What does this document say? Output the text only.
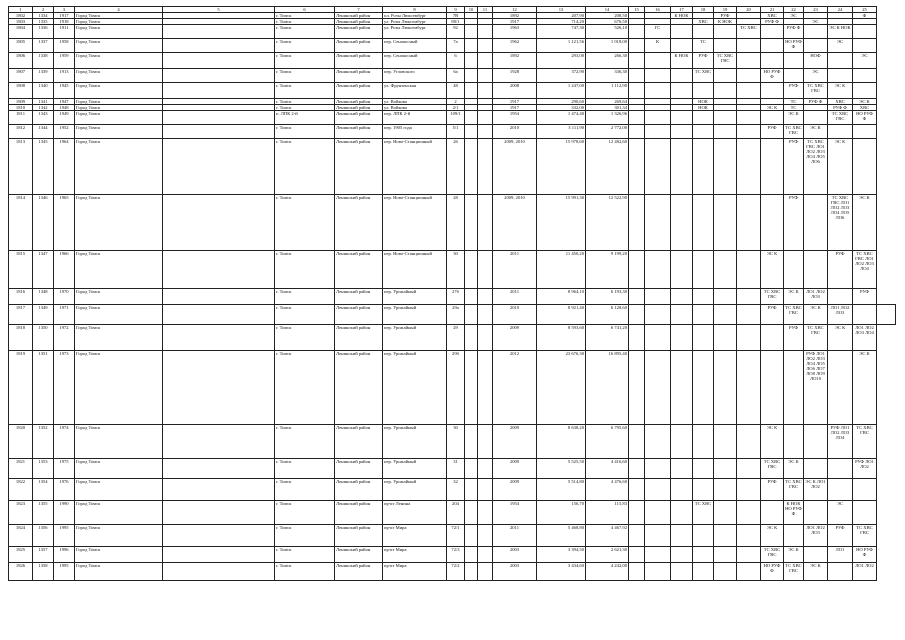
1	2	3	4	5	6	7	8	9	10	11	12	13	14	15	16	17	18	19	20	21	22	23	24	25	
1802	1334	1917	Город Томск		г. Томск	Ленинский район	пл. Розы Люксембург	7В			1892	207,90	208,50			К НОК		РУФ		ХВС	ЭС			Ф	
1803	1335	1918	Город Томск		г. Томск	Ленинский район	ул. Розы Люксембург	80/1			1917	714,20	676,50				ХВС	К НОК		РУФ Ф		ЭС			
1804	1336	1911	Город Томск		г. Томск	Ленинский район	ул. Розы Люксембург	92			1963	747,30	526,10		ГС				ТС ХВС		РУФ Ф		ЭС К НОК		
1805	1337	1958	Город Томск		г. Томск	Ленинский район	пер. Сенокосный	7а			1962	1 121,56	1 018,00		К		ТС				НО РУФ Ф		ЭС		
1806	1338	1959	Город Томск		г. Томск	Ленинский район	пер. Сенокосный	6			1892	293,00	266,30			К НОК	РУФ	ТС ХВС ГВС				НОФ		ЭС	
1807	1339	1913	Город Томск		г. Томск	Ленинский район	пер. Угловского	6а			1928	372,90	336,30				ТС ХВС			НО РУФ Ф		ЭС			
1808	1340	1945	Город Томск		г. Томск	Ленинский район	ул. Фрунзенская	48			2008	1 247,00	1 112,90								РУФ	ТС ХВС ГВС	ЭС К		
1809	1341	1947	Город Томск		г. Томск	Ленинский район	ул. Войкова	2			1917	290,60	269,64				НОК				ТС	РУФ Ф	ХВС	ЭС К	
1810	1342	1948	Город Томск		г. Томск	Ленинский район	ул. Войкова	2/1			1917	332,00	301,34				НОК			ЭС К	ТС		РУФ Ф	ХВС	
1811	1343	1949	Город Томск		п. ЛПК 2-й	Ленинский район	пер. ЛПК 2-й	109/1			1954	1 474,40	1 326,96								ЭС К		ТС ХВС ГВС	НО РУФ Ф	
1812	1344	1952	Город Томск		г. Томск	Ленинский район	пер. 1905 года	5/1			2010	3 111,90	2 772,00							РУФ	ТС ХВС ГВС	ЭС К			
1813	1345	1964	Город Томск		г. Томск	Ленинский район	пер. Ново-Станционный	26			2009, 2010	15 978,60	12 482,60								РУФ	ТС ХВС ГВС ЛО1 ЛО2 ЛО3 ЛО4 ЛО5 ЛО6	ЭС К		
1814	1346	1965	Город Томск		г. Томск	Ленинский район	пер. Ново-Станционный	28			2009, 2010	15 991,30	12 522,90								РУФ		ТС ХВС ГВС ЛО1 ЛО2 ЛО3 ЛО4 ЛО5 ЛО6	ЭС К	
1815	1347	1966	Город Томск		г. Томск	Ленинский район	пер. Ново-Станционный	30			2011	11 450,20	9 199,20							ЭС К			РУФ	ТС ХВС ГВС ЛО1 ЛО2 ЛО3 ЛО4	
1816	1348	1970	Город Томск		г. Томск	Ленинский район	пер. Урожайный	27б			2011	8 964,10	6 193,30							ТС ХВС ГВС	ЭС К	ЛО1 ЛО2 ЛО3		РУФ	
1817	1349	1971	Город Томск		г. Томск	Ленинский район	пер. Урожайный	29а			2010	8 921,40	6 128,60							РУФ	ТС ХВС ГВС	ЭС К	ЛО1 ЛО2 ЛО3		
1818	1350	1972	Город Томск		г. Томск	Ленинский район	пер. Урожайный	29			2009	8 593,60	6 741,20								РУФ	ТС ХВС ГВС	ЭС К	ЛО1 ЛО2 ЛО3 ЛО4	
1819	1351	1973	Город Томск		г. Томск	Ленинский район	пер. Урожайный	29б			2012	23 676,30	16 895,40									РУФ ЛО1 ЛО2 ЛО3 ЛО4 ЛО5 ЛО6 ЛО7 ЛО8 ЛО9 ЛО10		ЭС К	
1820	1352	1974	Город Томск		г. Томск	Ленинский район	пер. Урожайный	30			2009	8 638,20	6 795,60							ЭС К			РУФ ЛО1 ЛО2 ЛО3 ЛО4	ТС ХВС ГВС	
1821	1353	1975	Город Томск		г. Томск	Ленинский район	пер. Урожайный	31			2009	5 525,50	4 416,60							ТС ХВС ГВС	ЭС К			РУФ ЛО1 ЛО2	
1822	1354	1976	Город Томск		г. Томск	Ленинский район	пер. Урожайный	32			2009	5 514,80	4 476,60							РУФ	ТС ХВС ГВС	ЭС К ЛО1 ЛО2			
1823	1355	1990	Город Томск		г. Томск	Ленинский район	пр-кт Ленина	204			1954	156,70	115,83				ТС ХВС				К НОК НО РУФ Ф		ЭС		
1824	1356	1995	Город Томск		г. Томск	Ленинский район	пр-кт Мира	72/1			2011	5 468,80	4 467,92							ЭС К		ЛО1 ЛО2 ЛО3	РУФ	ТС ХВС ГВС	
1825	1357	1996	Город Томск		г. Томск	Ленинский район	пр-кт Мира	72/3			2003	3 394,50	2 621,30							ТС ХВС ГВС	ЭС К		ЛО1	НО РУФ Ф	
1826	1358	1995	Город Томск		г. Томск	Ленинский район	пр-кт Мира	72/2			2003	3 434,60	4 242,00							НО РУФ Ф	ТС ХВС ГВС	ЭС К		ЛО1 ЛО2	
